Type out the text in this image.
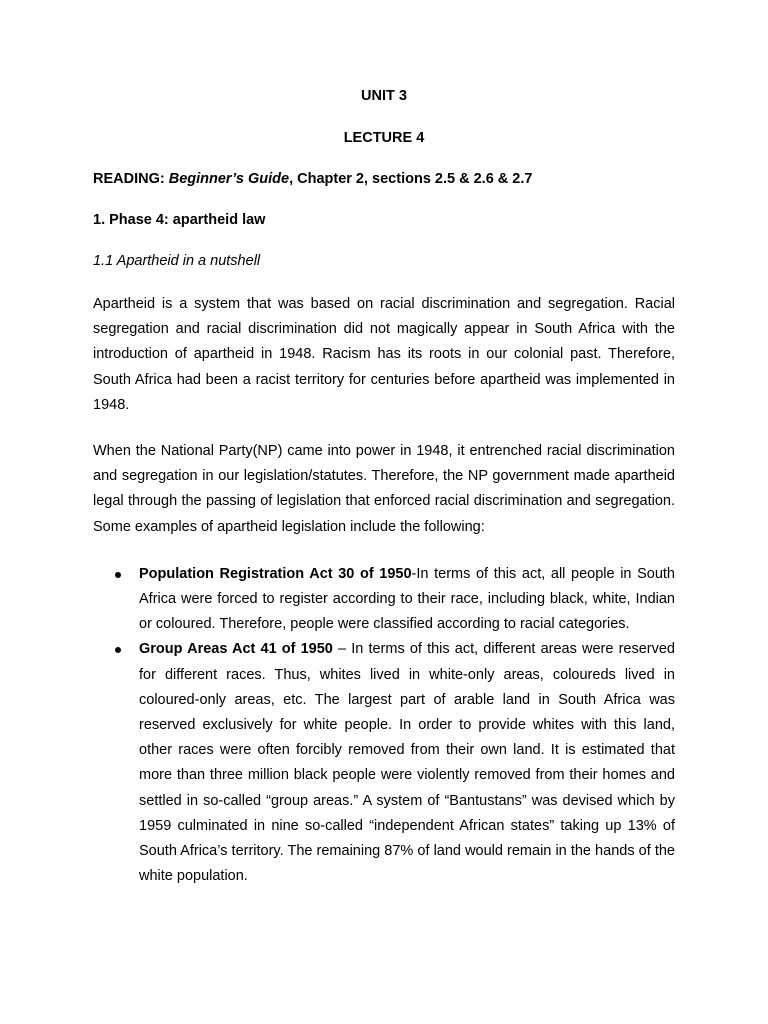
UNIT 3

LECTURE 4

READING: Beginner’s Guide, Chapter 2, sections 2.5 & 2.6 & 2.7

1. Phase 4: apartheid law

1.1 Apartheid in a nutshell

Apartheid is a system that was based on racial discrimination and segregation. Racial segregation and racial discrimination did not magically appear in South Africa with the introduction of apartheid in 1948. Racism has its roots in our colonial past. Therefore, South Africa had been a racist territory for centuries before apartheid was implemented in 1948.

When the National Party(NP) came into power in 1948, it entrenched racial discrimination and segregation in our legislation/statutes. Therefore, the NP government made apartheid legal through the passing of legislation that enforced racial discrimination and segregation. Some examples of apartheid legislation include the following:

Population Registration Act 30 of 1950-In terms of this act, all people in South Africa were forced to register according to their race, including black, white, Indian or coloured. Therefore, people were classified according to racial categories.
Group Areas Act 41 of 1950 – In terms of this act, different areas were reserved for different races. Thus, whites lived in white-only areas, coloureds lived in coloured-only areas, etc. The largest part of arable land in South Africa was reserved exclusively for white people. In order to provide whites with this land, other races were often forcibly removed from their own land. It is estimated that more than three million black people were violently removed from their homes and settled in so-called “group areas.” A system of “Bantustans” was devised which by 1959 culminated in nine so-called “independent African states” taking up 13% of South Africa’s territory. The remaining 87% of land would remain in the hands of the white population.
